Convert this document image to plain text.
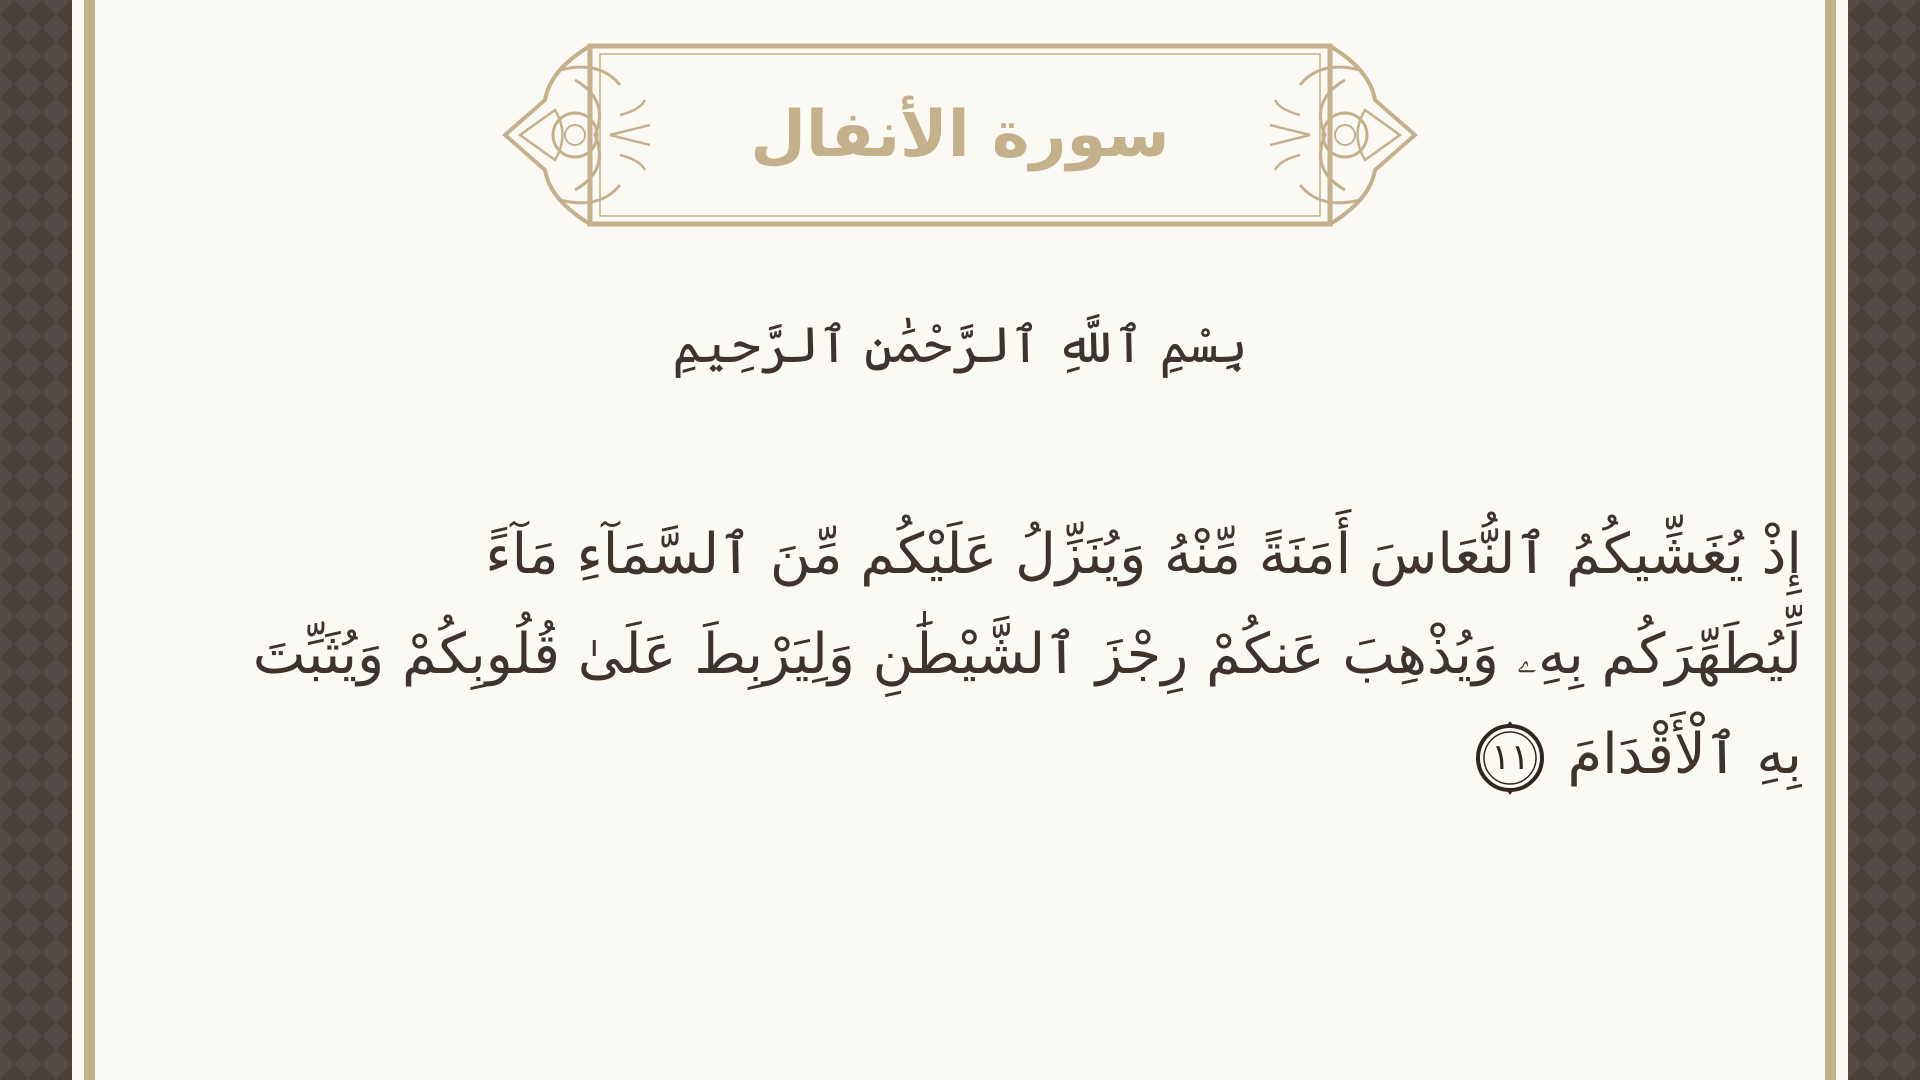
سورة الأنفال
بِسْمِ ٱللَّهِ ٱلرَّحْمَٰنِ ٱلرَّحِيمِ
إِذْ يُغَشِّيكُمُ ٱلنُّعَاسَ أَمَنَةً مِّنْهُ وَيُنَزِّلُ عَلَيْكُم مِّنَ ٱلسَّمَآءِ مَآءً
لِّيُطَهِّرَكُم بِهِۦ وَيُذْهِبَ عَنكُمْ رِجْزَ ٱلشَّيْطَٰنِ وَلِيَرْبِطَ عَلَىٰ قُلُوبِكُمْ وَيُثَبِّتَ
بِهِ ٱلْأَقْدَامَ
١١
